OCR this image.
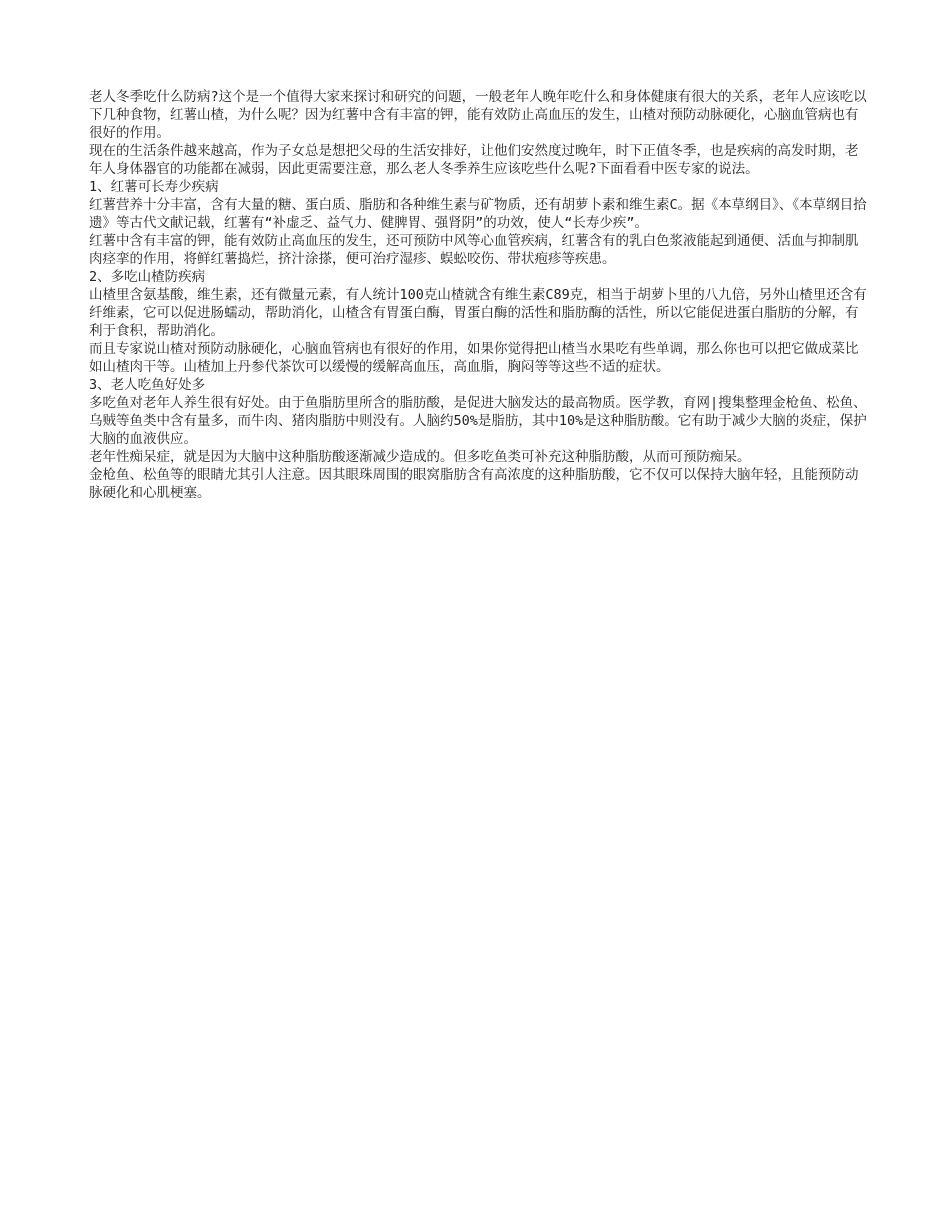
老人冬季吃什么防病?这个是一个值得大家来探讨和研究的问题，一般老年人晚年吃什么和身体健康有很大的关系，老年人应该吃以下几种食物，红薯山楂，为什么呢？因为红薯中含有丰富的钾，能有效防止高血压的发生，山楂对预防动脉硬化，心脑血管病也有很好的作用。

现在的生活条件越来越高，作为子女总是想把父母的生活安排好，让他们安然度过晚年，时下正值冬季，也是疾病的高发时期，老年人身体器官的功能都在减弱，因此更需要注意，那么老人冬季养生应该吃些什么呢?下面看看中医专家的说法。

1、红薯可长寿少疾病

红薯营养十分丰富，含有大量的糖、蛋白质、脂肪和各种维生素与矿物质，还有胡萝卜素和维生素C。据《本草纲目》、《本草纲目拾遗》等古代文献记载，红薯有“补虚乏、益气力、健脾胃、强肾阴”的功效，使人“长寿少疾”。

红薯中含有丰富的钾，能有效防止高血压的发生，还可预防中风等心血管疾病，红薯含有的乳白色浆液能起到通便、活血与抑制肌肉痉挛的作用，将鲜红薯捣烂，挤汁涂搽，便可治疗湿疹、蜈蚣咬伤、带状疱疹等疾患。

2、多吃山楂防疾病

山楂里含氨基酸，维生素，还有微量元素，有人统计100克山楂就含有维生素C89克，相当于胡萝卜里的八九倍，另外山楂里还含有纤维素，它可以促进肠蠕动，帮助消化，山楂含有胃蛋白酶，胃蛋白酶的活性和脂肪酶的活性，所以它能促进蛋白脂肪的分解，有利于食积，帮助消化。

而且专家说山楂对预防动脉硬化，心脑血管病也有很好的作用，如果你觉得把山楂当水果吃有些单调，那么你也可以把它做成菜比如山楂肉干等。山楂加上丹参代茶饮可以缓慢的缓解高血压，高血脂，胸闷等等这些不适的症状。

3、老人吃鱼好处多

多吃鱼对老年人养生很有好处。由于鱼脂肪里所含的脂肪酸，是促进大脑发达的最高物质。医学教，育网|搜集整理金枪鱼、松鱼、乌贼等鱼类中含有量多，而牛肉、猪肉脂肪中则没有。人脑约50%是脂肪，其中10%是这种脂肪酸。它有助于减少大脑的炎症，保护大脑的血液供应。

老年性痴呆症，就是因为大脑中这种脂肪酸逐渐减少造成的。但多吃鱼类可补充这种脂肪酸，从而可预防痴呆。

金枪鱼、松鱼等的眼睛尤其引人注意。因其眼珠周围的眼窝脂肪含有高浓度的这种脂肪酸，它不仅可以保持大脑年轻，且能预防动脉硬化和心肌梗塞。
